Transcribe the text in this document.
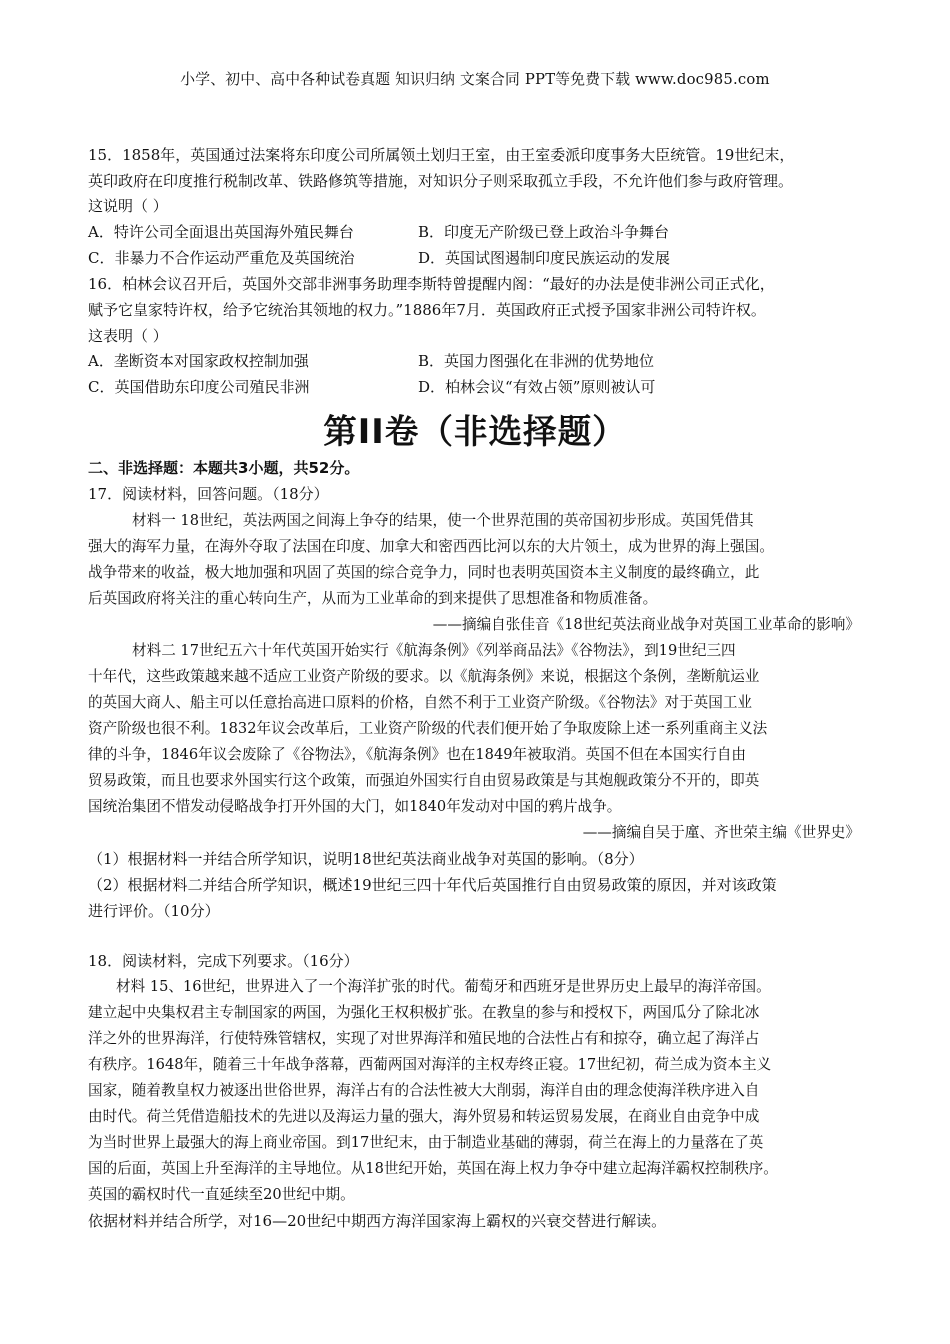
小学、初中、高中各种试卷真题 知识归纳 文案合同 PPT等免费下载 www.doc985.com
15．1858年，英国通过法案将东印度公司所属领土划归王室，由王室委派印度事务大臣统管。19世纪末，
英印政府在印度推行税制改革、铁路修筑等措施，对知识分子则采取孤立手段，不允许他们参与政府管理。
这说明（ ）
A．特许公司全面退出英国海外殖民舞台	B．印度无产阶级已登上政治斗争舞台
C．非暴力不合作运动严重危及英国统治	D．英国试图遏制印度民族运动的发展
16．柏林会议召开后，英国外交部非洲事务助理李斯特曾提醒内阁：“最好的办法是使非洲公司正式化，
赋予它皇家特许权，给予它统治其领地的权力。”1886年7月．英国政府正式授予国家非洲公司特许权。
这表明（ ）
A．垄断资本对国家政权控制加强	B．英国力图强化在非洲的优势地位
C．英国借助东印度公司殖民非洲	D．柏林会议“有效占领”原则被认可
第II卷（非选择题）
二、非选择题：本题共3小题，共52分。
17．阅读材料，回答问题。（18分）
材料一 18世纪，英法两国之间海上争夺的结果，使一个世界范围的英帝国初步形成。英国凭借其
强大的海军力量，在海外夺取了法国在印度、加拿大和密西西比河以东的大片领土，成为世界的海上强国。
战争带来的收益，极大地加强和巩固了英国的综合竞争力，同时也表明英国资本主义制度的最终确立，此
后英国政府将关注的重心转向生产，从而为工业革命的到来提供了思想准备和物质准备。
——摘编自张佳音《18世纪英法商业战争对英国工业革命的影响》
材料二 17世纪五六十年代英国开始实行《航海条例》《列举商品法》《谷物法》，到19世纪三四
十年代，这些政策越来越不适应工业资产阶级的要求。以《航海条例》来说，根据这个条例，垄断航运业
的英国大商人、船主可以任意抬高进口原料的价格，自然不利于工业资产阶级。《谷物法》对于英国工业
资产阶级也很不利。1832年议会改革后，工业资产阶级的代表们便开始了争取废除上述一系列重商主义法
律的斗争，1846年议会废除了《谷物法》，《航海条例》也在1849年被取消。英国不但在本国实行自由
贸易政策，而且也要求外国实行这个政策，而强迫外国实行自由贸易政策是与其炮舰政策分不开的，即英
国统治集团不惜发动侵略战争打开外国的大门，如1840年发动对中国的鸦片战争。
——摘编自吴于廑、齐世荣主编《世界史》
（1）根据材料一并结合所学知识，说明18世纪英法商业战争对英国的影响。（8分）
（2）根据材料二并结合所学知识，概述19世纪三四十年代后英国推行自由贸易政策的原因，并对该政策
进行评价。（10分）
18．阅读材料，完成下列要求。（16分）
材料 15、16世纪，世界进入了一个海洋扩张的时代。葡萄牙和西班牙是世界历史上最早的海洋帝国。
建立起中央集权君主专制国家的两国，为强化王权积极扩张。在教皇的参与和授权下，两国瓜分了除北冰
洋之外的世界海洋，行使特殊管辖权，实现了对世界海洋和殖民地的合法性占有和掠夺，确立起了海洋占
有秩序。1648年，随着三十年战争落幕，西葡两国对海洋的主权寿终正寝。17世纪初，荷兰成为资本主义
国家，随着教皇权力被逐出世俗世界，海洋占有的合法性被大大削弱，海洋自由的理念使海洋秩序进入自
由时代。荷兰凭借造船技术的先进以及海运力量的强大，海外贸易和转运贸易发展，在商业自由竞争中成
为当时世界上最强大的海上商业帝国。到17世纪末，由于制造业基础的薄弱，荷兰在海上的力量落在了英
国的后面，英国上升至海洋的主导地位。从18世纪开始，英国在海上权力争夺中建立起海洋霸权控制秩序。
英国的霸权时代一直延续至20世纪中期。
依据材料并结合所学，对16—20世纪中期西方海洋国家海上霸权的兴衰交替进行解读。
